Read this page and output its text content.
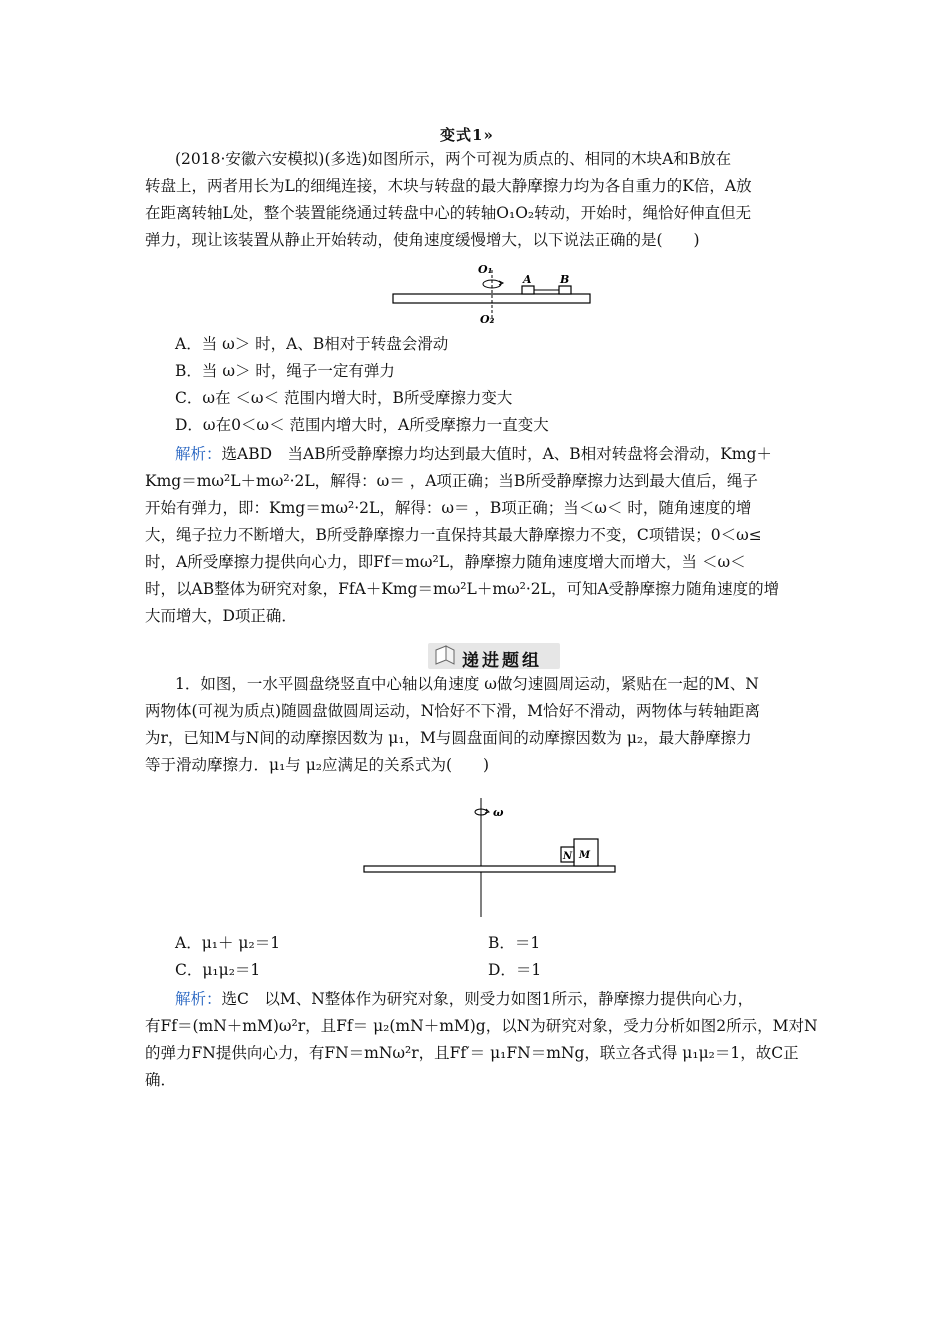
变式1»
(2018·安徽六安模拟)(多选)如图所示，两个可视为质点的、相同的木块A和B放在
转盘上，两者用长为L的细绳连接，木块与转盘的最大静摩擦力均为各自重力的K倍，A放
在距离转轴L处，整个装置能绕通过转盘中心的转轴O₁O₂转动，开始时，绳恰好伸直但无
弹力，现让该装置从静止开始转动，使角速度缓慢增大，以下说法正确的是(　　)
O₁
O₂
A	B
A．当 ω＞ 时，A、B相对于转盘会滑动
B．当 ω＞ 时，绳子一定有弹力
C．ω在 ＜ω＜ 范围内增大时，B所受摩擦力变大
D．ω在0＜ω＜ 范围内增大时，A所受摩擦力一直变大
解析：选ABD　当AB所受静摩擦力均达到最大值时，A、B相对转盘将会滑动，Kmg＋
Kmg＝mω²L＋mω²·2L，解得：ω＝ ，A项正确；当B所受静摩擦力达到最大值后，绳子
开始有弹力，即：Kmg＝mω²·2L，解得：ω＝ ，B项正确；当＜ω＜ 时，随角速度的增
大，绳子拉力不断增大，B所受静摩擦力一直保持其最大静摩擦力不变，C项错误；0＜ω≤
时，A所受摩擦力提供向心力，即Ff＝mω²L，静摩擦力随角速度增大而增大，当 ＜ω＜
时，以AB整体为研究对象，FfA＋Kmg＝mω²L＋mω²·2L，可知A受静摩擦力随角速度的增
大而增大，D项正确．
递进题组
1．如图，一水平圆盘绕竖直中心轴以角速度 ω做匀速圆周运动，紧贴在一起的M、N
两物体(可视为质点)随圆盘做圆周运动，N恰好不下滑，M恰好不滑动，两物体与转轴距离
为r，已知M与N间的动摩擦因数为 μ₁，M与圆盘面间的动摩擦因数为 μ₂，最大静摩擦力
等于滑动摩擦力．μ₁与 μ₂应满足的关系式为(　　)
ω
N M
A．μ₁＋ μ₂＝1	B．＝1
C．μ₁μ₂＝1	D．＝1
解析：选C　以M、N整体作为研究对象，则受力如图1所示，静摩擦力提供向心力，
有Ff＝(mN＋mM)ω²r，且Ff＝ μ₂(mN＋mM)g，以N为研究对象，受力分析如图2所示，M对N
的弹力FN提供向心力，有FN＝mNω²r，且Ff′＝ μ₁FN＝mNg，联立各式得 μ₁μ₂＝1，故C正
确．
